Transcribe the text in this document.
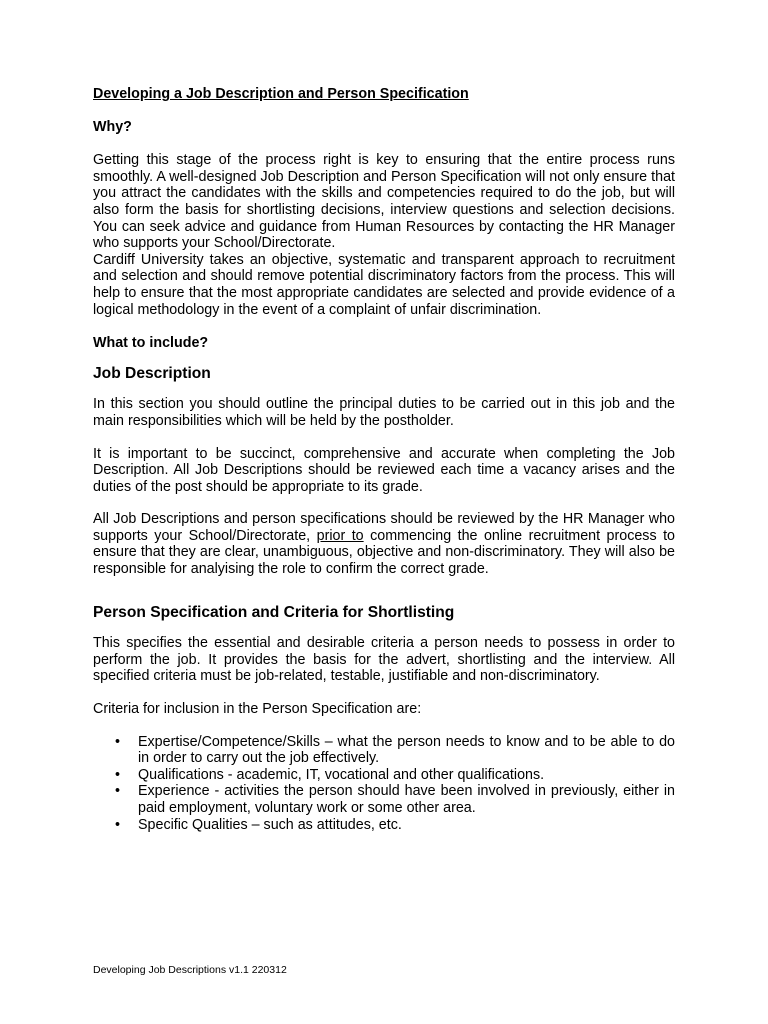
Developing a Job Description and Person Specification
Why?

Getting this stage of the process right is key to ensuring that the entire process runs smoothly. A well-designed Job Description and Person Specification will not only ensure that you attract the candidates with the skills and competencies required to do the job, but will also form the basis for shortlisting decisions, interview questions and selection decisions. You can seek advice and guidance from Human Resources by contacting the HR Manager who supports your School/Directorate.

Cardiff University takes an objective, systematic and transparent approach to recruitment and selection and should remove potential discriminatory factors from the process. This will help to ensure that the most appropriate candidates are selected and provide evidence of a logical methodology in the event of a complaint of unfair discrimination.

What to include?
Job Description

In this section you should outline the principal duties to be carried out in this job and the main responsibilities which will be held by the postholder.

It is important to be succinct, comprehensive and accurate when completing the Job Description. All Job Descriptions should be reviewed each time a vacancy arises and the duties of the post should be appropriate to its grade.

All Job Descriptions and person specifications should be reviewed by the HR Manager who supports your School/Directorate, prior to commencing the online recruitment process to ensure that they are clear, unambiguous, objective and non-discriminatory. They will also be responsible for analyising the role to confirm the correct grade.

Person Specification and Criteria for Shortlisting

This specifies the essential and desirable criteria a person needs to possess in order to perform the job. It provides the basis for the advert, shortlisting and the interview. All specified criteria must be job-related, testable, justifiable and non-discriminatory.

Criteria for inclusion in the Person Specification are:

• Expertise/Competence/Skills – what the person needs to know and to be able to do in order to carry out the job effectively.
• Qualifications - academic, IT, vocational and other qualifications.
• Experience - activities the person should have been involved in previously, either in paid employment, voluntary work or some other area.
• Specific Qualities – such as attitudes, etc.
Developing Job Descriptions v1.1 220312
